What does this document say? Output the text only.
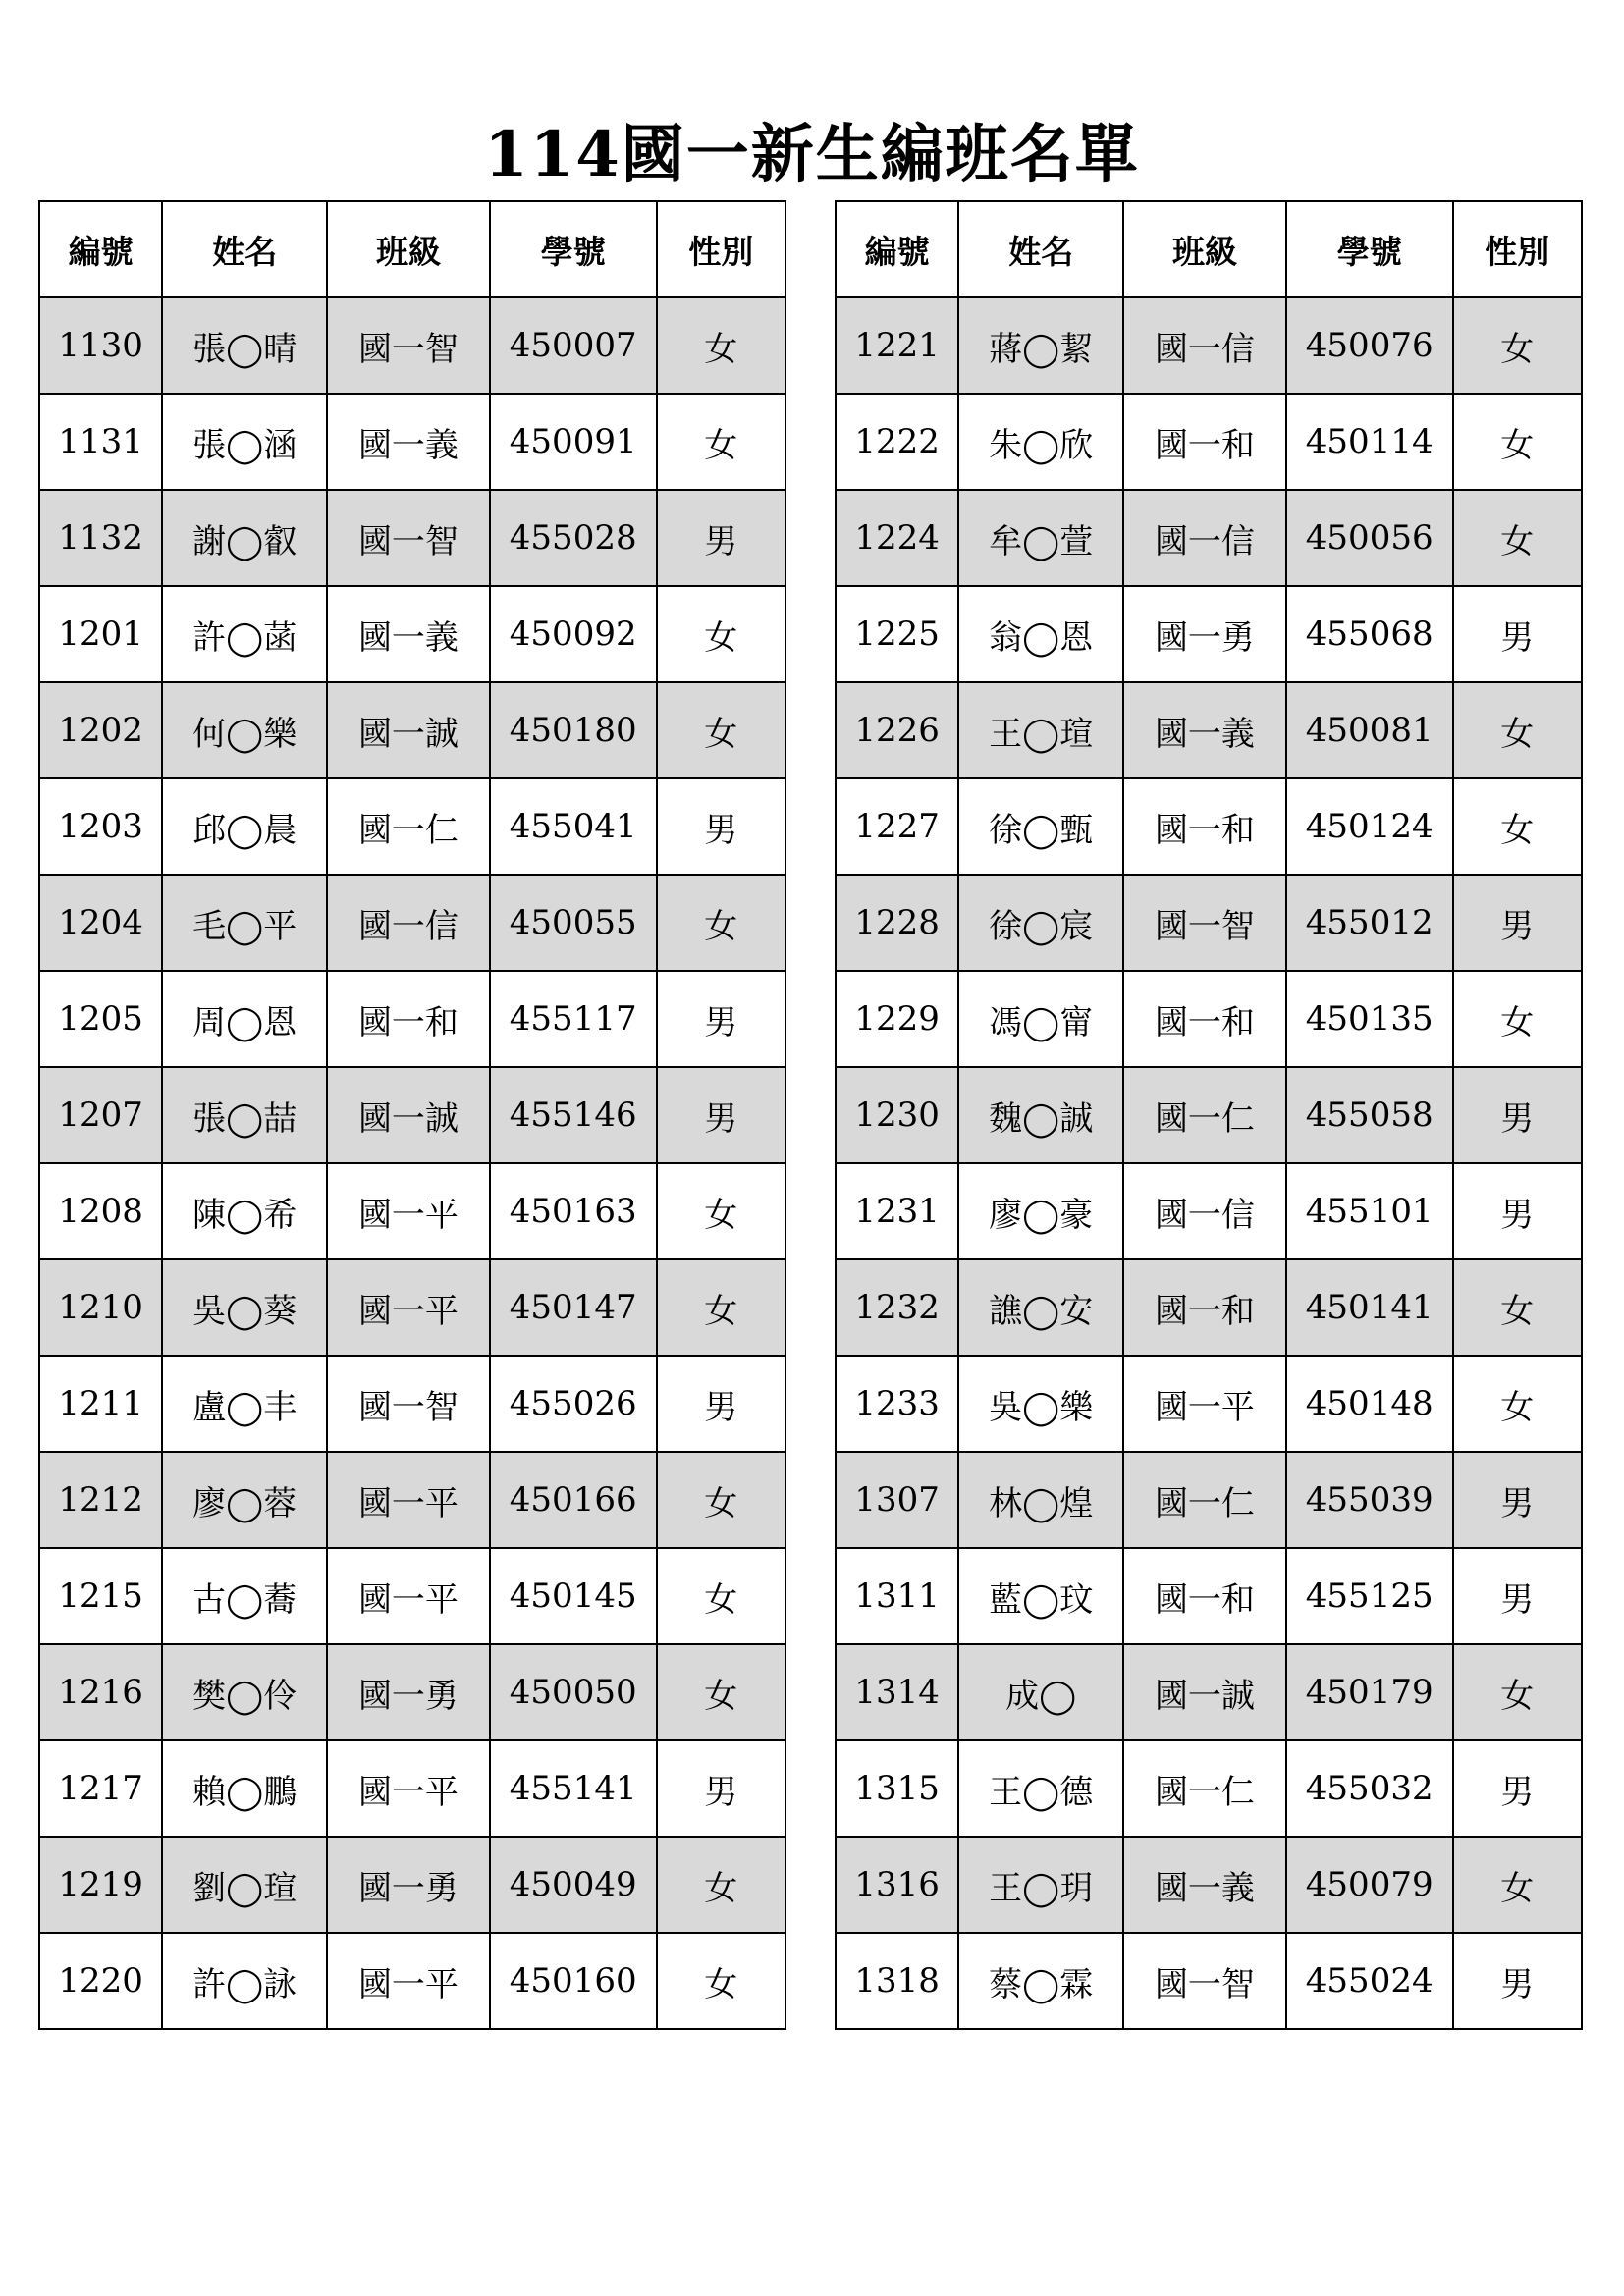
114國一新生編班名單
編號	姓名	班級	學號	性別
1130	張◯晴	國一智	450007	女
1131	張◯涵	國一義	450091	女
1132	謝◯叡	國一智	455028	男
1201	許◯菡	國一義	450092	女
1202	何◯樂	國一誠	450180	女
1203	邱◯晨	國一仁	455041	男
1204	毛◯平	國一信	450055	女
1205	周◯恩	國一和	455117	男
1207	張◯喆	國一誠	455146	男
1208	陳◯希	國一平	450163	女
1210	吳◯葵	國一平	450147	女
1211	盧◯丰	國一智	455026	男
1212	廖◯蓉	國一平	450166	女
1215	古◯蕎	國一平	450145	女
1216	樊◯伶	國一勇	450050	女
1217	賴◯鵬	國一平	455141	男
1219	劉◯瑄	國一勇	450049	女
1220	許◯詠	國一平	450160	女
編號	姓名	班級	學號	性別
1221	蔣◯絜	國一信	450076	女
1222	朱◯欣	國一和	450114	女
1224	牟◯萱	國一信	450056	女
1225	翁◯恩	國一勇	455068	男
1226	王◯瑄	國一義	450081	女
1227	徐◯甄	國一和	450124	女
1228	徐◯宸	國一智	455012	男
1229	馮◯甯	國一和	450135	女
1230	魏◯誠	國一仁	455058	男
1231	廖◯豪	國一信	455101	男
1232	譙◯安	國一和	450141	女
1233	吳◯樂	國一平	450148	女
1307	林◯煌	國一仁	455039	男
1311	藍◯玟	國一和	455125	男
1314	成◯	國一誠	450179	女
1315	王◯德	國一仁	455032	男
1316	王◯玥	國一義	450079	女
1318	蔡◯霖	國一智	455024	男
